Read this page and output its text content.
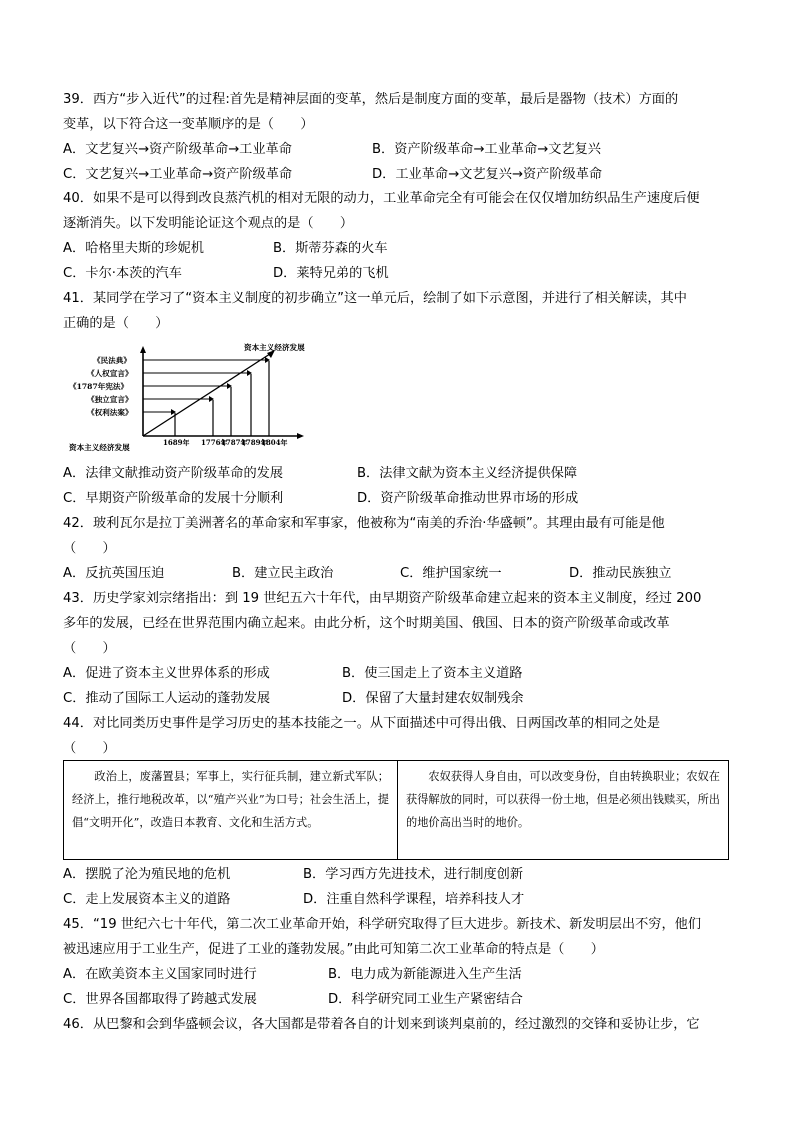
39．西方“步入近代”的过程:首先是精神层面的变革，然后是制度方面的变革，最后是器物（技术）方面的
变革，以下符合这一变革顺序的是（　　）
A．文艺复兴→资产阶级革命→工业革命	B．资产阶级革命→工业革命→文艺复兴
C．文艺复兴→工业革命→资产阶级革命	D．工业革命→文艺复兴→资产阶级革命
40．如果不是可以得到改良蒸汽机的相对无限的动力，工业革命完全有可能会在仅仅增加纺织品生产速度后便
逐渐消失。以下发明能论证这个观点的是（　　）
A．哈格里夫斯的珍妮机	B．斯蒂芬森的火车
C．卡尔·本茨的汽车	D．莱特兄弟的飞机
41．某同学在学习了“资本主义制度的初步确立”这一单元后，绘制了如下示意图，并进行了相关解读，其中
正确的是（　　）
资本主义经济发展
资本主义经济发展
《民法典》
《人权宣言》
《1787年宪法》
《独立宣言》
《权利法案》
1689年 1776年
1787年
1789年
1804年
A．法律文献推动资产阶级革命的发展	B．法律文献为资本主义经济提供保障
C．早期资产阶级革命的发展十分顺利	D．资产阶级革命推动世界市场的形成
42．玻利瓦尔是拉丁美洲著名的革命家和军事家，他被称为“南美的乔治·华盛顿”。其理由最有可能是他
（　　）
A．反抗英国压迫	B．建立民主政治	C．维护国家统一	D．推动民族独立
43．历史学家刘宗绪指出：到 19 世纪五六十年代，由早期资产阶级革命建立起来的资本主义制度，经过 200
多年的发展，已经在世界范围内确立起来。由此分析，这个时期美国、俄国、日本的资产阶级革命或改革
（　　）
A．促进了资本主义世界体系的形成	B．使三国走上了资本主义道路
C．推动了国际工人运动的蓬勃发展	D．保留了大量封建农奴制残余
44．对比同类历史事件是学习历史的基本技能之一。从下面描述中可得出俄、日两国改革的相同之处是
（　　）
政治上，废藩置县；军事上，实行征兵制，建立新式军队；经济上，推行地税改革，以“殖产兴业”为口号；社会生活上，提倡“文明开化”，改造日本教育、文化和生活方式。
农奴获得人身自由，可以改变身份，自由转换职业；农奴在获得解放的同时，可以获得一份土地，但是必须出钱赎买，所出的地价高出当时的地价。
A．摆脱了沦为殖民地的危机	B．学习西方先进技术，进行制度创新
C．走上发展资本主义的道路	D．注重自然科学课程，培养科技人才
45．“19 世纪六七十年代，第二次工业革命开始，科学研究取得了巨大进步。新技术、新发明层出不穷，他们
被迅速应用于工业生产，促进了工业的蓬勃发展。”由此可知第二次工业革命的特点是（　　）
A．在欧美资本主义国家同时进行	B．电力成为新能源进入生产生活
C．世界各国都取得了跨越式发展	D．科学研究同工业生产紧密结合
46．从巴黎和会到华盛顿会议，各大国都是带着各自的计划来到谈判桌前的，经过激烈的交锋和妥协让步，它
